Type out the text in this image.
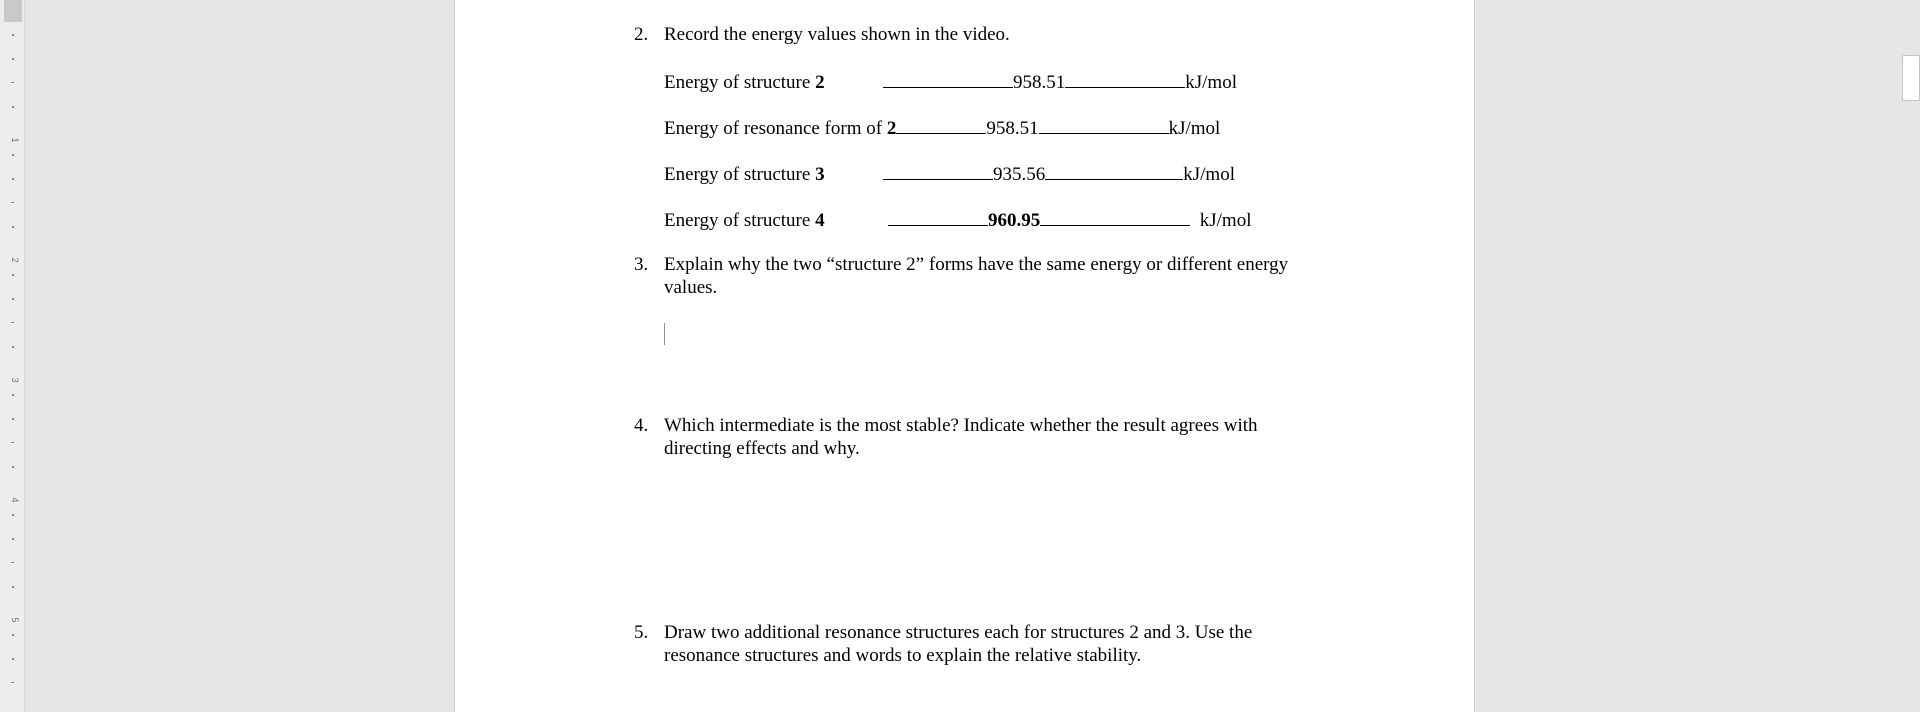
1
2
3
4
5
2. Record the energy values shown in the video.
Energy of structure 2	958.51	kJ/mol
Energy of resonance form of 2	958.51	kJ/mol
Energy of structure 3	935.56	kJ/mol
Energy of structure 4	960.95	kJ/mol
3. Explain why the two “structure 2” forms have the same energy or different energy
values.
4. Which intermediate is the most stable? Indicate whether the result agrees with
directing effects and why.
5. Draw two additional resonance structures each for structures 2 and 3. Use the
resonance structures and words to explain the relative stability.
